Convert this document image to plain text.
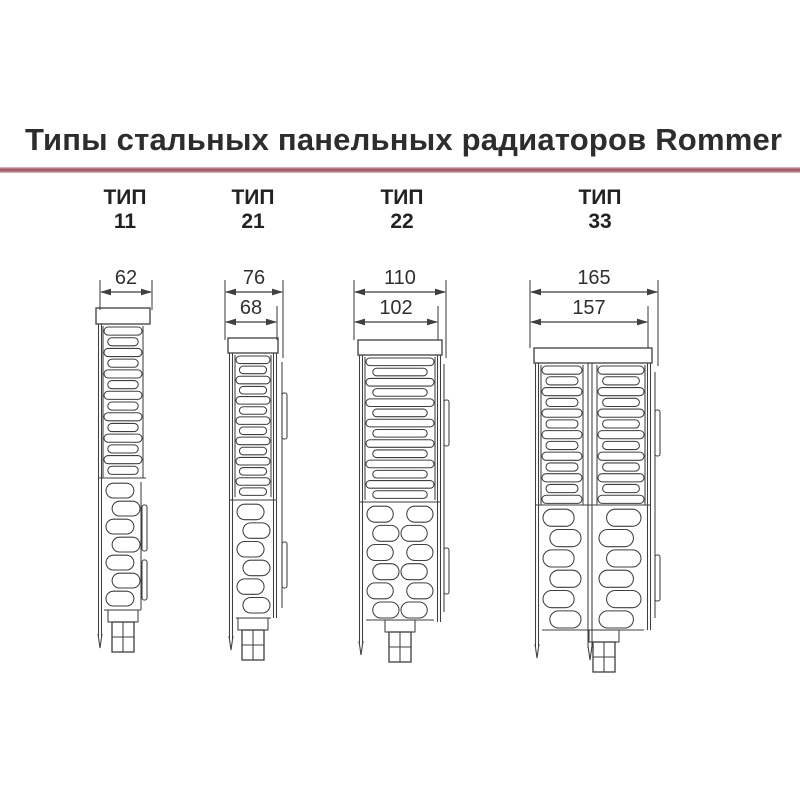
Типы стальных панельных радиаторов Rommer
ТИП
11
ТИП
21
ТИП
22
ТИП
33
62	76
68
110
102
165
157
